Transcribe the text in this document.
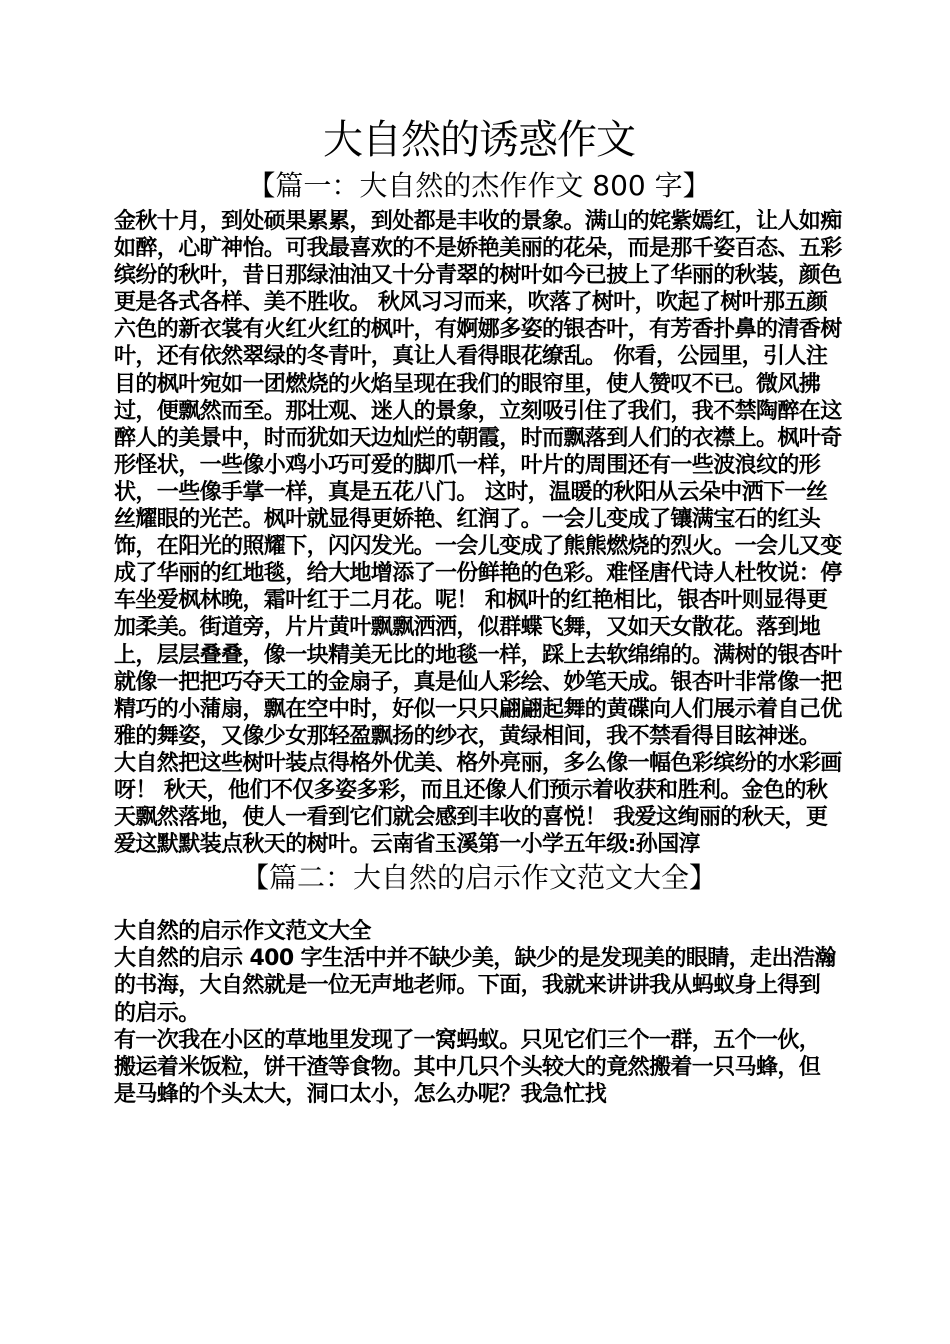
大自然的诱惑作文
【篇一：大自然的杰作作文 800 字】

金秋十月，到处硕果累累，到处都是丰收的景象。满山的姹紫嫣红，让人如痴如醉，心旷神怡。可我最喜欢的不是娇艳美丽的花朵，而是那千姿百态、五彩缤纷的秋叶，昔日那绿油油又十分青翠的树叶如今已披上了华丽的秋装，颜色更是各式各样、美不胜收。 秋风习习而来，吹落了树叶，吹起了树叶那五颜六色的新衣裳有火红火红的枫叶，有婀娜多姿的银杏叶，有芳香扑鼻的清香树叶，还有依然翠绿的冬青叶，真让人看得眼花缭乱。 你看，公园里，引人注目的枫叶宛如一团燃烧的火焰呈现在我们的眼帘里，使人赞叹不已。微风拂过，便飘然而至。那壮观、迷人的景象，立刻吸引住了我们，我不禁陶醉在这醉人的美景中，时而犹如天边灿烂的朝霞，时而飘落到人们的衣襟上。枫叶奇形怪状，一些像小鸡小巧可爱的脚爪一样，叶片的周围还有一些波浪纹的形状，一些像手掌一样，真是五花八门。 这时，温暖的秋阳从云朵中洒下一丝丝耀眼的光芒。枫叶就显得更娇艳、红润了。一会儿变成了镶满宝石的红头饰，在阳光的照耀下，闪闪发光。一会儿变成了熊熊燃烧的烈火。一会儿又变成了华丽的红地毯，给大地增添了一份鲜艳的色彩。难怪唐代诗人杜牧说：停车坐爱枫林晚，霜叶红于二月花。呢！ 和枫叶的红艳相比，银杏叶则显得更加柔美。街道旁，片片黄叶飘飘洒洒，似群蝶飞舞，又如天女散花。落到地上，层层叠叠，像一块精美无比的地毯一样，踩上去软绵绵的。满树的银杏叶就像一把把巧夺天工的金扇子，真是仙人彩绘、妙笔天成。银杏叶非常像一把精巧的小蒲扇，飘在空中时，好似一只只翩翩起舞的黄碟向人们展示着自己优雅的舞姿，又像少女那轻盈飘扬的纱衣，黄绿相间，我不禁看得目眩神迷。 大自然把这些树叶装点得格外优美、格外亮丽，多么像一幅色彩缤纷的水彩画呀！ 秋天，他们不仅多姿多彩，而且还像人们预示着收获和胜利。金色的秋天飘然落地，使人一看到它们就会感到丰收的喜悦！ 我爱这绚丽的秋天，更爱这默默装点秋天的树叶。云南省玉溪第一小学五年级:孙国淳

【篇二：大自然的启示作文范文大全】

大自然的启示作文范文大全

大自然的启示 400 字生活中并不缺少美，缺少的是发现美的眼睛，走出浩瀚的书海，大自然就是一位无声地老师。下面，我就来讲讲我从蚂蚁身上得到的启示。

有一次我在小区的草地里发现了一窝蚂蚁。只见它们三个一群，五个一伙，搬运着米饭粒，饼干渣等食物。其中几只个头较大的竟然搬着一只马蜂，但是马蜂的个头太大，洞口太小，怎么办呢？我急忙找
